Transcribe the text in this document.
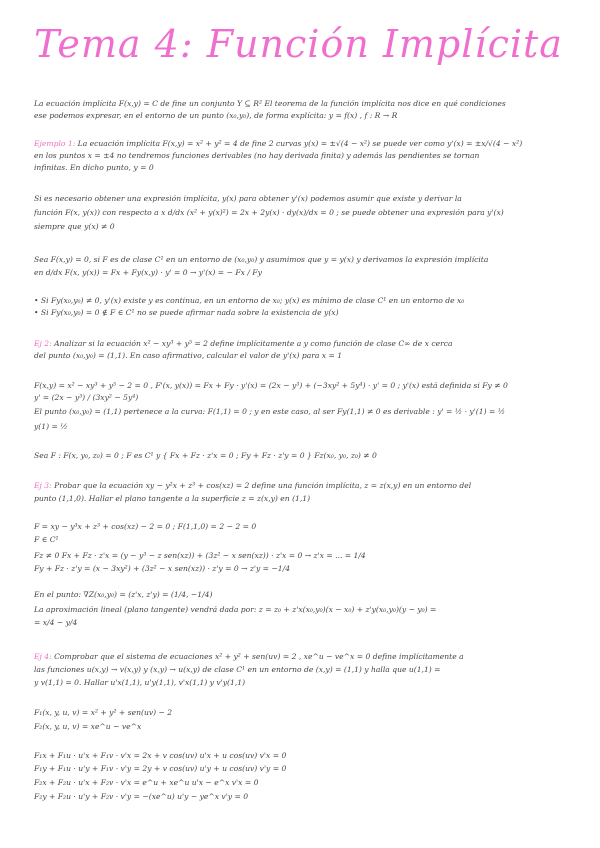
Tema 4: Función Implícita
La ecuación implícita F(x,y) = C de fine un conjunto Y ⊆ R² El teorema de la función implícita nos dice en qué condiciones
ese podemos expresar, en el entorno de un punto (x₀,y₀), de forma explícita: y = f(x) , f : R → R
Ejemplo 1: La ecuación implícita F(x,y) = x² + y² = 4 de fine 2 curvas y(x) = ±√(4 − x²) se puede ver como y'(x) = ±x/√(4 − x²)
en los puntos x = ±4 no tendremos funciones derivables (no hay derivada finita) y además las pendientes se tornan
infinitas. En dicho punto, y = 0
Si es necesario obtener una expresión implícita, y(x) para obtener y'(x) podemos asumir que existe y derivar la
función F(x, y(x)) con respecto a x d/dx (x² + y(x)²) = 2x + 2y(x) · dy(x)/dx = 0 ; se puede obtener una expresión para y'(x)
siempre que y(x) ≠ 0
Sea F(x,y) = 0, si F es de clase C¹ en un entorno de (x₀,y₀) y asumimos que y = y(x) y derivamos la expresión implícita
en d/dx F(x, y(x)) = Fx + Fy(x,y) · y' = 0 → y'(x) = − Fx / Fy
• Si Fy(x₀,y₀) ≠ 0, y'(x) existe y es continua, en un entorno de x₀; y(x) es mínimo de clase C¹ en un entorno de x₀
• Si Fy(x₀,y₀) = 0 ∉ F ∈ C¹ no se puede afirmar nada sobre la existencia de y(x)
Ej 2: Analizar si la ecuación x² − xy³ + y⁵ = 2 define implícitamente a y como función de clase C∞ de x cerca
del punto (x₀,y₀) = (1,1). En caso afirmativo, calcular el valor de y'(x) para x = 1
F(x,y) = x² − xy³ + y⁵ − 2 = 0 , F'(x, y(x)) = Fx + Fy · y'(x) = (2x − y³) + (−3xy² + 5y⁴) · y' = 0 ; y'(x) está definida si Fy ≠ 0
y' = (2x − y³) / (3xy² − 5y⁴)
El punto (x₀,y₀) = (1,1) pertenece a la curva: F(1,1) = 0 ; y en este caso, al ser Fy(1,1) ≠ 0 es derivable : y' = ½ · y'(1) = ½
y(1) = ½
Sea F : F(x, y₀, z₀) = 0 ; F es C¹ y { Fx + Fz · z'x = 0 ; Fy + Fz · z'y = 0 } Fz(x₀, y₀, z₀) ≠ 0
Ej 3: Probar que la ecuación xy − y²x + z³ + cos(xz) = 2 define una función implícita, z = z(x,y) en un entorno del
punto (1,1,0). Hallar el plano tangente a la superficie z = z(x,y) en (1,1)
F = xy − y³x + z³ + cos(xz) − 2 = 0 ; F(1,1,0) = 2 − 2 = 0
F ∈ C¹
Fz ≠ 0 Fx + Fz · z'x = (y − y³ − z sen(xz)) + (3z² − x sen(xz)) · z'x = 0 → z'x = ... = 1/4
Fy + Fz · z'y = (x − 3xy²) + (3z² − x sen(xz)) · z'y = 0 → z'y = −1/4
En el punto: ∇Z(x₀,y₀) = (z'x, z'y) = (1/4, −1/4)
La aproximación lineal (plano tangente) vendrá dada por: z = z₀ + z'x(x₀,y₀)(x − x₀) + z'y(x₀,y₀)(y − y₀) =
= x/4 − y/4
Ej 4: Comprobar que el sistema de ecuaciones x² + y² + sen(uv) = 2 , xe^u − ve^x = 0 define implícitamente a
las funciones u(x,y) → v(x,y) y (x,y) → u(x,y) de clase C¹ en un entorno de (x,y) = (1,1) y halla que u(1,1) =
y v(1,1) = 0. Hallar u'x(1,1), u'y(1,1), v'x(1,1) y v'y(1,1)
F₁(x, y, u, v) = x² + y² + sen(uv) − 2
F₂(x, y, u, v) = xe^u − ve^x
F₁x + F₁u · u'x + F₁v · v'x = 2x + v cos(uv) u'x + u cos(uv) v'x = 0
F₁y + F₁u · u'y + F₁v · v'y = 2y + v cos(uv) u'y + u cos(uv) v'y = 0
F₂x + F₂u · u'x + F₂v · v'x = e^u + xe^u u'x − e^x v'x = 0
F₂y + F₂u · u'y + F₂v · v'y = −(xe^u) u'y − ye^x v'y = 0
